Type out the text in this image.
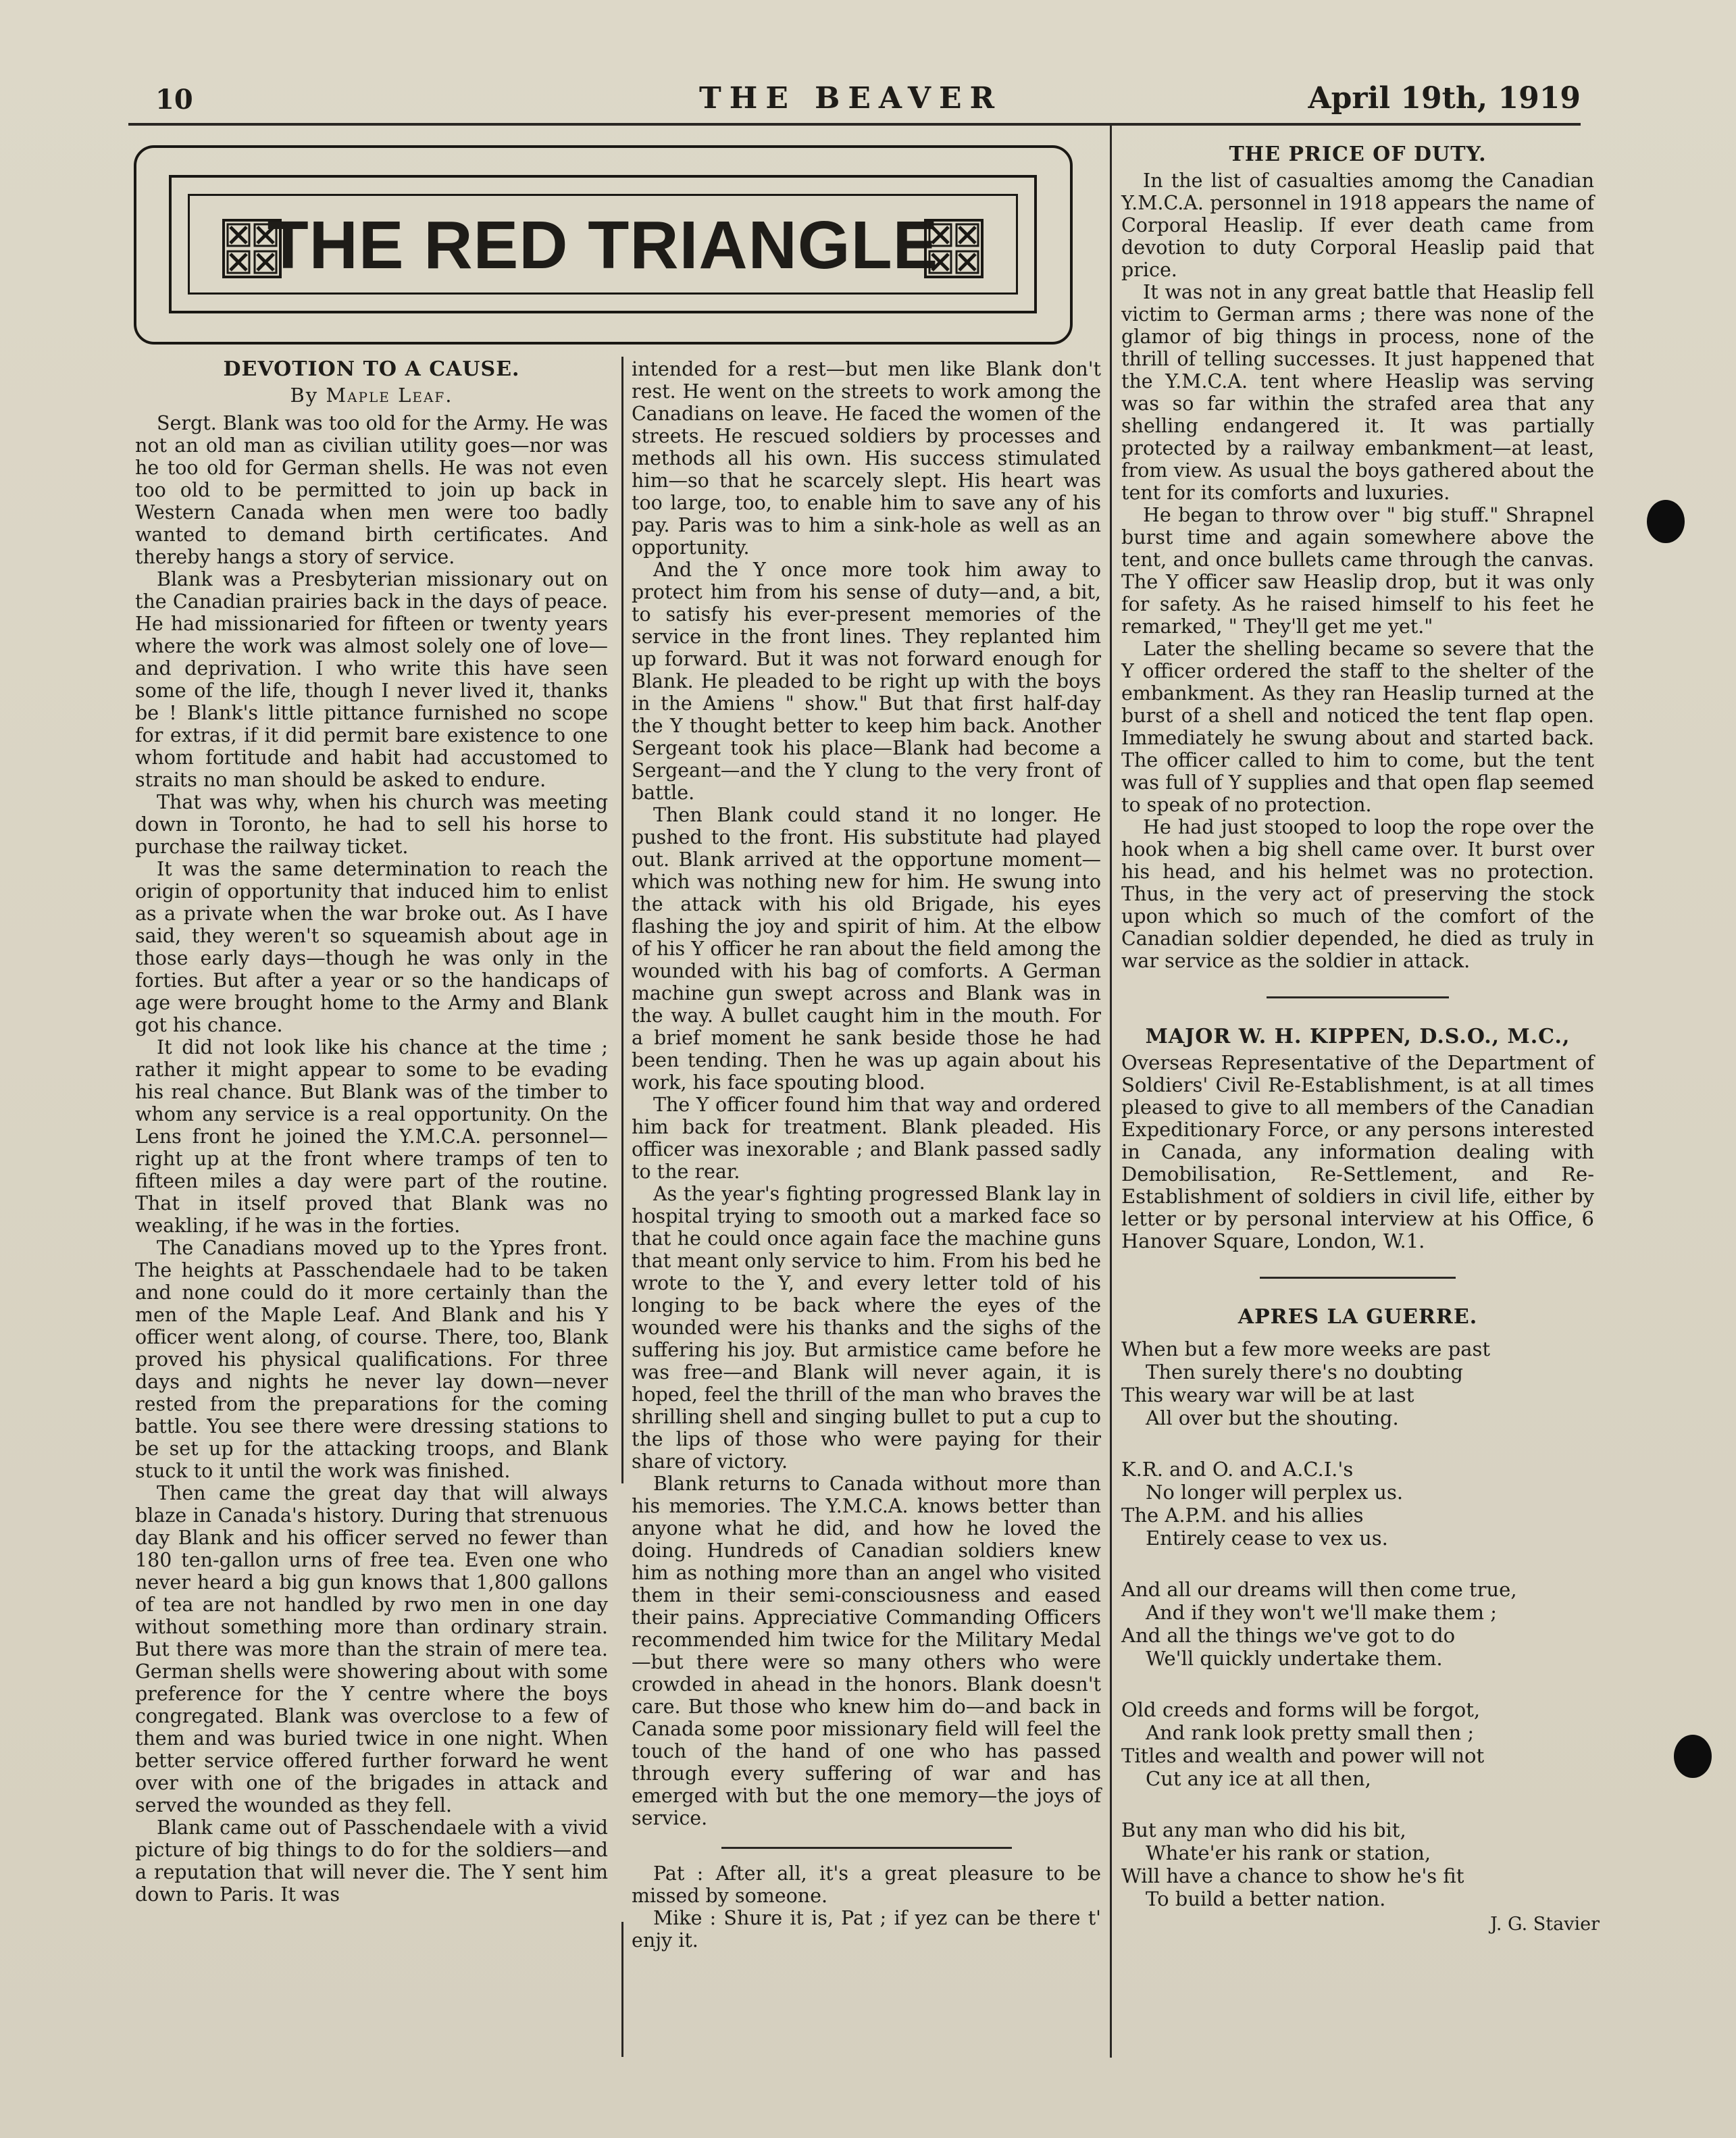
10	THE BEAVER	April 19th, 1919
THE RED TRIANGLE
DEVOTION TO A CAUSE.
By Maple Leaf.

Sergt. Blank was too old for the Army. He was not an old man as civilian utility goes—nor was he too old for German shells. He was not even too old to be permitted to join up back in Western Canada when men were too badly wanted to demand birth certificates. And thereby hangs a story of service.

Blank was a Presbyterian missionary out on the Canadian prairies back in the days of peace. He had missionaried for fifteen or twenty years where the work was almost solely one of love—and deprivation. I who write this have seen some of the life, though I never lived it, thanks be ! Blank's little pittance furnished no scope for extras, if it did permit bare existence to one whom fortitude and habit had accustomed to straits no man should be asked to endure.

That was why, when his church was meeting down in Toronto, he had to sell his horse to purchase the railway ticket.

It was the same determination to reach the origin of opportunity that induced him to enlist as a private when the war broke out. As I have said, they weren't so squeamish about age in those early days—though he was only in the forties. But after a year or so the handicaps of age were brought home to the Army and Blank got his chance.

It did not look like his chance at the time ; rather it might appear to some to be evading his real chance. But Blank was of the timber to whom any service is a real opportunity. On the Lens front he joined the Y.M.C.A. personnel—right up at the front where tramps of ten to fifteen miles a day were part of the routine. That in itself proved that Blank was no weakling, if he was in the forties.

The Canadians moved up to the Ypres front. The heights at Passchendaele had to be taken and none could do it more certainly than the men of the Maple Leaf. And Blank and his Y officer went along, of course. There, too, Blank proved his physical qualifications. For three days and nights he never lay down—never rested from the preparations for the coming battle. You see there were dressing stations to be set up for the attacking troops, and Blank stuck to it until the work was finished.

Then came the great day that will always blaze in Canada's history. During that strenuous day Blank and his officer served no fewer than 180 ten-gallon urns of free tea. Even one who never heard a big gun knows that 1,800 gallons of tea are not handled by rwo men in one day without something more than ordinary strain. But there was more than the strain of mere tea. German shells were showering about with some preference for the Y centre where the boys congregated. Blank was overclose to a few of them and was buried twice in one night. When better service offered further forward he went over with one of the brigades in attack and served the wounded as they fell.

Blank came out of Passchendaele with a vivid picture of big things to do for the soldiers—and a reputation that will never die. The Y sent him down to Paris. It was

intended for a rest—but men like Blank don't rest. He went on the streets to work among the Canadians on leave. He faced the women of the streets. He rescued soldiers by processes and methods all his own. His success stimulated him—so that he scarcely slept. His heart was too large, too, to enable him to save any of his pay. Paris was to him a sink-hole as well as an opportunity.

And the Y once more took him away to protect him from his sense of duty—and, a bit, to satisfy his ever-present memories of the service in the front lines. They replanted him up forward. But it was not forward enough for Blank. He pleaded to be right up with the boys in the Amiens " show." But that first half-day the Y thought better to keep him back. Another Sergeant took his place—Blank had become a Sergeant—and the Y clung to the very front of battle.

Then Blank could stand it no longer. He pushed to the front. His substitute had played out. Blank arrived at the opportune moment—which was nothing new for him. He swung into the attack with his old Brigade, his eyes flashing the joy and spirit of him. At the elbow of his Y officer he ran about the field among the wounded with his bag of comforts. A German machine gun swept across and Blank was in the way. A bullet caught him in the mouth. For a brief moment he sank beside those he had been tending. Then he was up again about his work, his face spouting blood.

The Y officer found him that way and ordered him back for treatment. Blank pleaded. His officer was inexorable ; and Blank passed sadly to the rear.

As the year's fighting progressed Blank lay in hospital trying to smooth out a marked face so that he could once again face the machine guns that meant only service to him. From his bed he wrote to the Y, and every letter told of his longing to be back where the eyes of the wounded were his thanks and the sighs of the suffering his joy. But armistice came before he was free—and Blank will never again, it is hoped, feel the thrill of the man who braves the shrilling shell and singing bullet to put a cup to the lips of those who were paying for their share of victory.

Blank returns to Canada without more than his memories. The Y.M.C.A. knows better than anyone what he did, and how he loved the doing. Hundreds of Canadian soldiers knew him as nothing more than an angel who visited them in their semi-consciousness and eased their pains. Appreciative Commanding Officers recommended him twice for the Military Medal—but there were so many others who were crowded in ahead in the honors. Blank doesn't care. But those who knew him do—and back in Canada some poor missionary field will feel the touch of the hand of one who has passed through every suffering of war and has emerged with but the one memory—the joys of service.

Pat : After all, it's a great pleasure to be missed by someone.

Mike : Shure it is, Pat ; if yez can be there t' enjy it.

THE PRICE OF DUTY.

In the list of casualties amomg the Canadian Y.M.C.A. personnel in 1918 appears the name of Corporal Heaslip. If ever death came from devotion to duty Corporal Heaslip paid that price.

It was not in any great battle that Heaslip fell victim to German arms ; there was none of the glamor of big things in process, none of the thrill of telling successes. It just happened that the Y.M.C.A. tent where Heaslip was serving was so far within the strafed area that any shelling endangered it. It was partially protected by a railway embankment—at least, from view. As usual the boys gathered about the tent for its comforts and luxuries.

He began to throw over " big stuff." Shrapnel burst time and again somewhere above the tent, and once bullets came through the canvas. The Y officer saw Heaslip drop, but it was only for safety. As he raised himself to his feet he remarked, " They'll get me yet."

Later the shelling became so severe that the Y officer ordered the staff to the shelter of the embankment. As they ran Heaslip turned at the burst of a shell and noticed the tent flap open. Immediately he swung about and started back. The officer called to him to come, but the tent was full of Y supplies and that open flap seemed to speak of no protection.

He had just stooped to loop the rope over the hook when a big shell came over. It burst over his head, and his helmet was no protection. Thus, in the very act of preserving the stock upon which so much of the comfort of the Canadian soldier depended, he died as truly in war service as the soldier in attack.

MAJOR W. H. KIPPEN, D.S.O., M.C.,

Overseas Representative of the Department of Soldiers' Civil Re-Establishment, is at all times pleased to give to all members of the Canadian Expeditionary Force, or any persons interested in Canada, any information dealing with Demobilisation, Re-Settlement, and Re-Establishment of soldiers in civil life, either by letter or by personal interview at his Office, 6 Hanover Square, London, W.1.

APRES LA GUERRE.
When but a few more weeks are past
Then surely there's no doubting
This weary war will be at last
All over but the shouting.
K.R. and O. and A.C.I.'s
No longer will perplex us.
The A.P.M. and his allies
Entirely cease to vex us.
And all our dreams will then come true,
And if they won't we'll make them ;
And all the things we've got to do
We'll quickly undertake them.
Old creeds and forms will be forgot,
And rank look pretty small then ;
Titles and wealth and power will not
Cut any ice at all then,
But any man who did his bit,
Whate'er his rank or station,
Will have a chance to show he's fit
To build a better nation.
J. G. Stavier
